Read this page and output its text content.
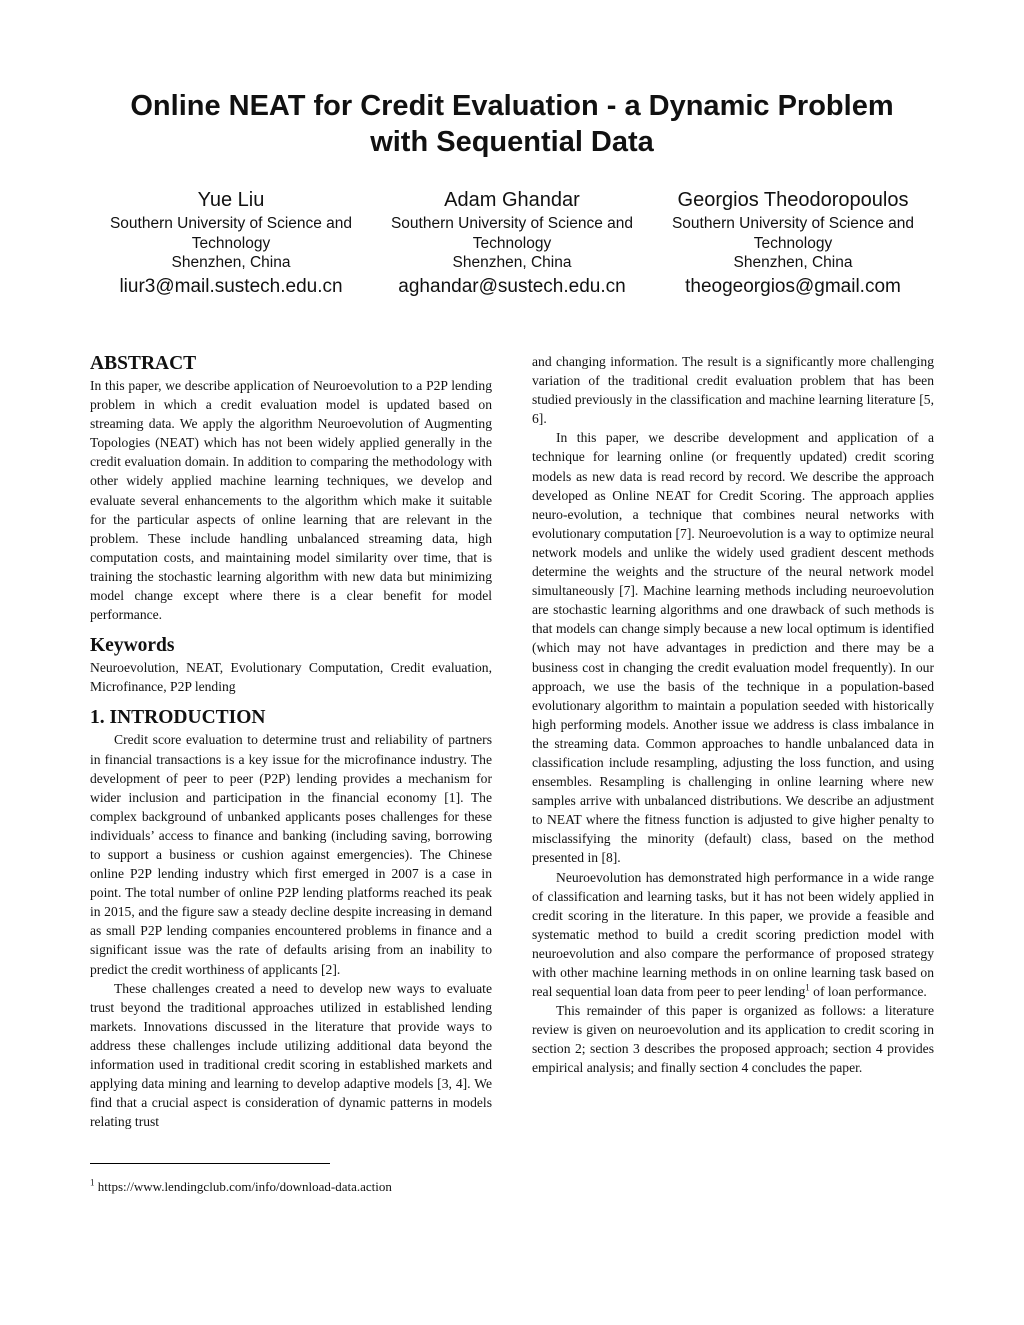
Online NEAT for Credit Evaluation - a Dynamic Problem
with Sequential Data
Yue Liu
Southern University of Science and
Technology
Shenzhen, China
liur3@mail.sustech.edu.cn
Adam Ghandar
Southern University of Science and
Technology
Shenzhen, China
aghandar@sustech.edu.cn
Georgios Theodoropoulos
Southern University of Science and
Technology
Shenzhen, China
theogeorgios@gmail.com
ABSTRACT

In this paper, we describe application of Neuroevolution to a P2P lending problem in which a credit evaluation model is updated based on streaming data. We apply the algorithm Neuroevolution of Augmenting Topologies (NEAT) which has not been widely applied generally in the credit evaluation domain. In addition to comparing the methodology with other widely applied machine learning techniques, we develop and evaluate several enhancements to the algorithm which make it suitable for the particular aspects of online learning that are relevant in the problem. These include handling unbalanced streaming data, high computation costs, and maintaining model similarity over time, that is training the stochastic learning algorithm with new data but minimizing model change except where there is a clear benefit for model performance.

Keywords

Neuroevolution, NEAT, Evolutionary Computation, Credit evaluation, Microfinance, P2P lending

1. INTRODUCTION

Credit score evaluation to determine trust and reliability of partners in financial transactions is a key issue for the microfinance industry. The development of peer to peer (P2P) lending provides a mechanism for wider inclusion and participation in the financial economy [1]. The complex background of unbanked applicants poses challenges for these individuals’ access to finance and banking (including saving, borrowing to support a business or cushion against emergencies). The Chinese online P2P lending industry which first emerged in 2007 is a case in point. The total number of online P2P lending platforms reached its peak in 2015, and the figure saw a steady decline despite increasing in demand as small P2P lending companies encountered problems in finance and a significant issue was the rate of defaults arising from an inability to predict the credit worthiness of applicants [2].

These challenges created a need to develop new ways to evaluate trust beyond the traditional approaches utilized in established lending markets. Innovations discussed in the literature that provide ways to address these challenges include utilizing additional data beyond the information used in traditional credit scoring in established markets and applying data mining and learning to develop adaptive models [3, 4]. We find that a crucial aspect is consideration of dynamic patterns in models relating trust

and changing information. The result is a significantly more challenging variation of the traditional credit evaluation problem that has been studied previously in the classification and machine learning literature [5, 6].

In this paper, we describe development and application of a technique for learning online (or frequently updated) credit scoring models as new data is read record by record. We describe the approach developed as Online NEAT for Credit Scoring. The approach applies neuro-evolution, a technique that combines neural networks with evolutionary computation [7]. Neuroevolution is a way to optimize neural network models and unlike the widely used gradient descent methods determine the weights and the structure of the neural network model simultaneously [7]. Machine learning methods including neuroevolution are stochastic learning algorithms and one drawback of such methods is that models can change simply because a new local optimum is identified (which may not have advantages in prediction and there may be a business cost in changing the credit evaluation model frequently). In our approach, we use the basis of the technique in a population-based evolutionary algorithm to maintain a population seeded with historically high performing models. Another issue we address is class imbalance in the streaming data. Common approaches to handle unbalanced data in classification include resampling, adjusting the loss function, and using ensembles. Resampling is challenging in online learning where new samples arrive with unbalanced distributions. We describe an adjustment to NEAT where the fitness function is adjusted to give higher penalty to misclassifying the minority (default) class, based on the method presented in [8].

Neuroevolution has demonstrated high performance in a wide range of classification and learning tasks, but it has not been widely applied in credit scoring in the literature. In this paper, we provide a feasible and systematic method to build a credit scoring prediction model with neuroevolution and also compare the performance of proposed strategy with other machine learning methods in on online learning task based on real sequential loan data from peer to peer lending$^1$ of loan performance.

This remainder of this paper is organized as follows: a literature review is given on neuroevolution and its application to credit scoring in section 2; section 3 describes the proposed approach; section 4 provides empirical analysis; and finally section 4 concludes the paper.

$^1$ https://www.lendingclub.com/info/download-data.action
